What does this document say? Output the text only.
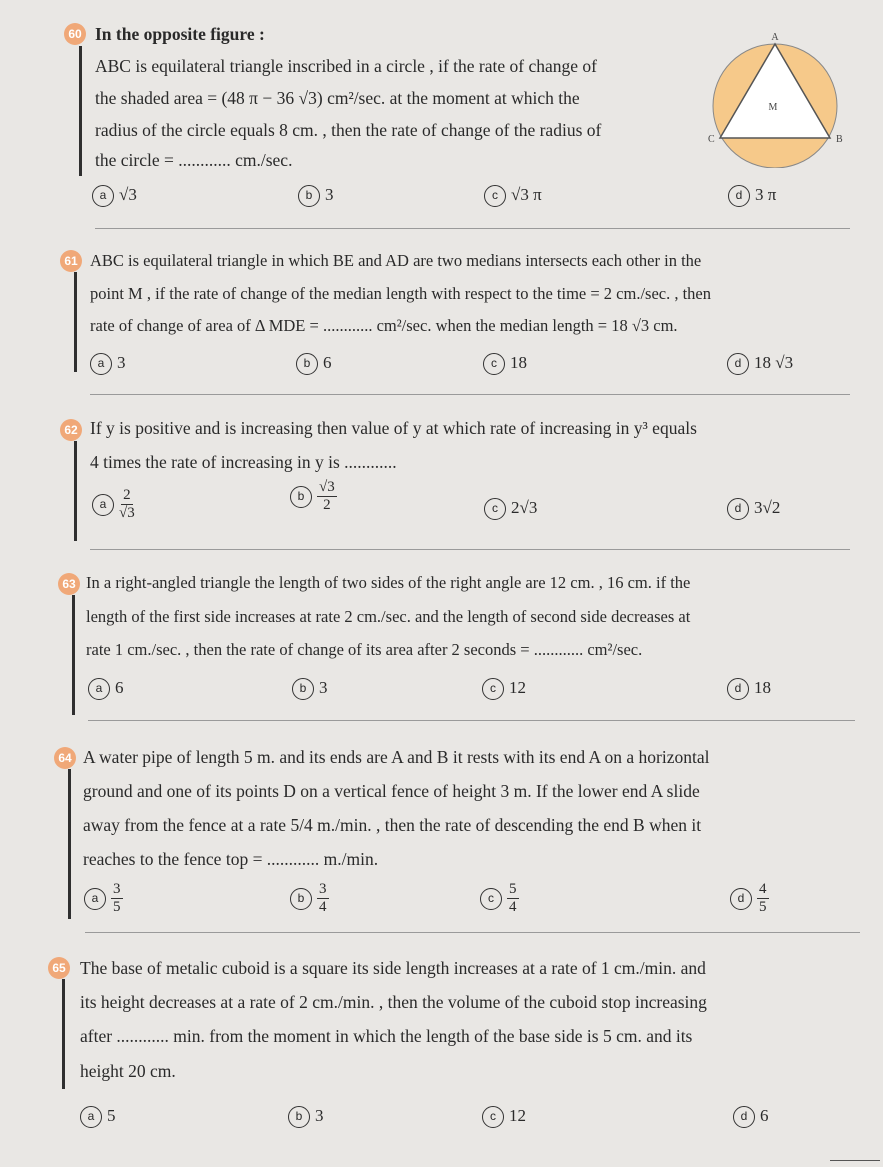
60 In the opposite figure :
ABC is equilateral triangle inscribed in a circle , if the rate of change of
the shaded area = (48 π − 36 √3) cm²/sec. at the moment at which the
radius of the circle equals 8 cm. , then the rate of change of the radius of
the circle = ............ cm./sec.
A
B
C
M
a √3	b 3	c √3 π	d 3 π
61 ABC is equilateral triangle in which BE and AD are two medians intersects each other in the
point M , if the rate of change of the median length with respect to the time = 2 cm./sec. , then
rate of change of area of Δ MDE = ............ cm²/sec. when the median length = 18 √3 cm.
a 3	b 6	c 18	d 18 √3
62 If y is positive and is increasing then value of y at which rate of increasing in y³ equals
4 times the rate of increasing in y is ............
a $\frac{2}{√3}$	b $\frac{√3}{2}$	c 2√3	d 3√2
63 In a right-angled triangle the length of two sides of the right angle are 12 cm. , 16 cm. if the
length of the first side increases at rate 2 cm./sec. and the length of second side decreases at
rate 1 cm./sec. , then the rate of change of its area after 2 seconds = ............ cm²/sec.
a 6	b 3	c 12	d 18
64 A water pipe of length 5 m. and its ends are A and B it rests with its end A on a horizontal
ground and one of its points D on a vertical fence of height 3 m. If the lower end A slide
away from the fence at a rate 5/4 m./min. , then the rate of descending the end B when it
reaches to the fence top = ............ m./min.
a $\frac{3}{5}$	b $\frac{3}{4}$	c $\frac{5}{4}$	d $\frac{4}{5}$
65 The base of metalic cuboid is a square its side length increases at a rate of 1 cm./min. and
its height decreases at a rate of 2 cm./min. , then the volume of the cuboid stop increasing
after ............ min. from the moment in which the length of the base side is 5 cm. and its
height 20 cm.
a 5	b 3	c 12	d 6
